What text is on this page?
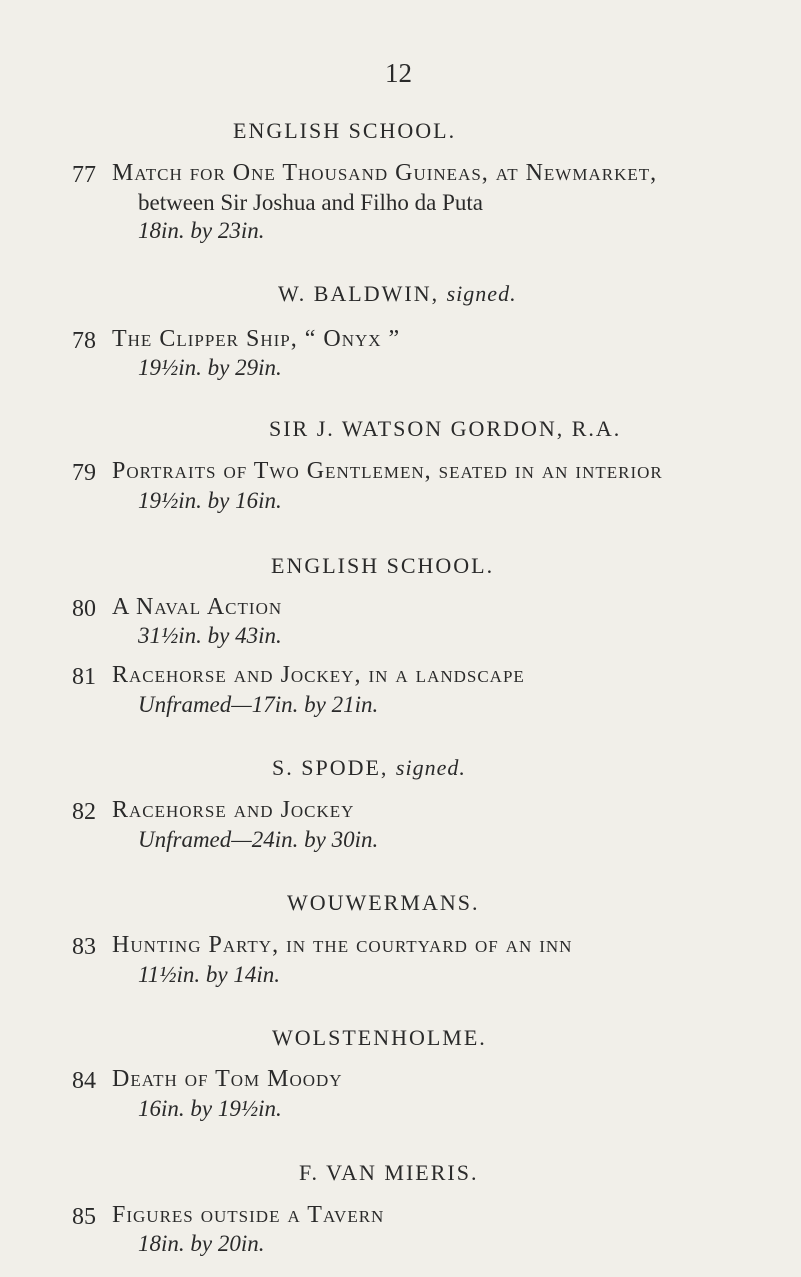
12
ENGLISH SCHOOL.
77 Match for One Thousand Guineas, at Newmarket,
between Sir Joshua and Filho da Puta
18in. by 23in.
W. BALDWIN, signed.
78 The Clipper Ship, “ Onyx ”
19½in. by 29in.
SIR J. WATSON GORDON, R.A.
79 Portraits of Two Gentlemen, seated in an interior
19½in. by 16in.
ENGLISH SCHOOL.
80 A Naval Action
31½in. by 43in.
81 Racehorse and Jockey, in a landscape
Unframed—17in. by 21in.
S. SPODE, signed.
82 Racehorse and Jockey
Unframed—24in. by 30in.
WOUWERMANS.
83 Hunting Party, in the courtyard of an inn
11½in. by 14in.
WOLSTENHOLME.
84 Death of Tom Moody
16in. by 19½in.
F. VAN MIERIS.
85 Figures outside a Tavern
18in. by 20in.
